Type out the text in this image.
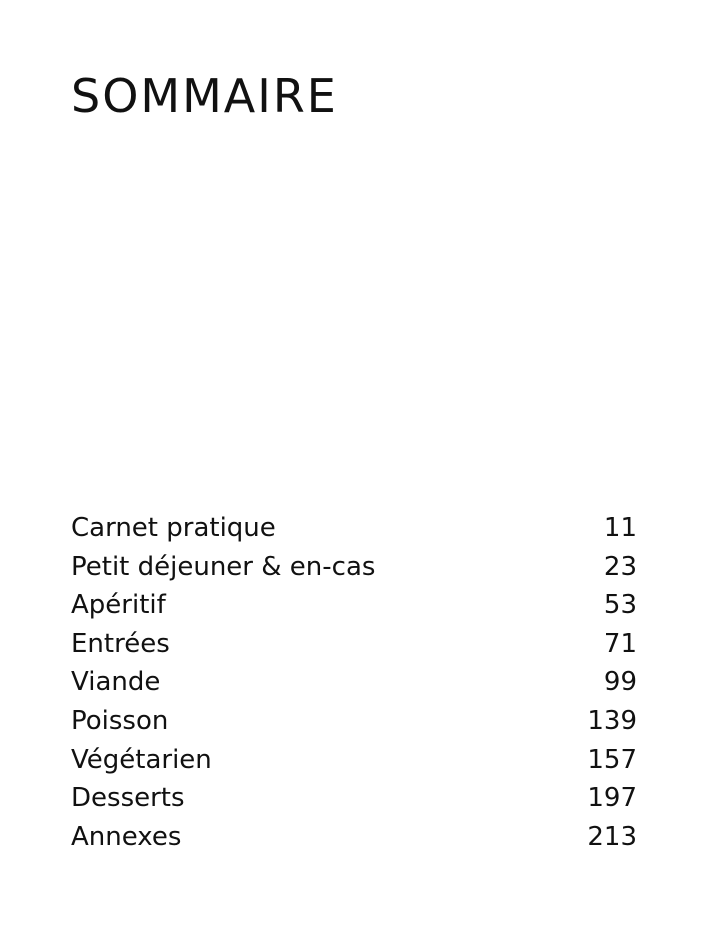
SOMMAIRE
Carnet pratique	11
Petit déjeuner & en-cas	23
Apéritif	53
Entrées	71
Viande	99
Poisson	139
Végétarien	157
Desserts	197
Annexes	213
